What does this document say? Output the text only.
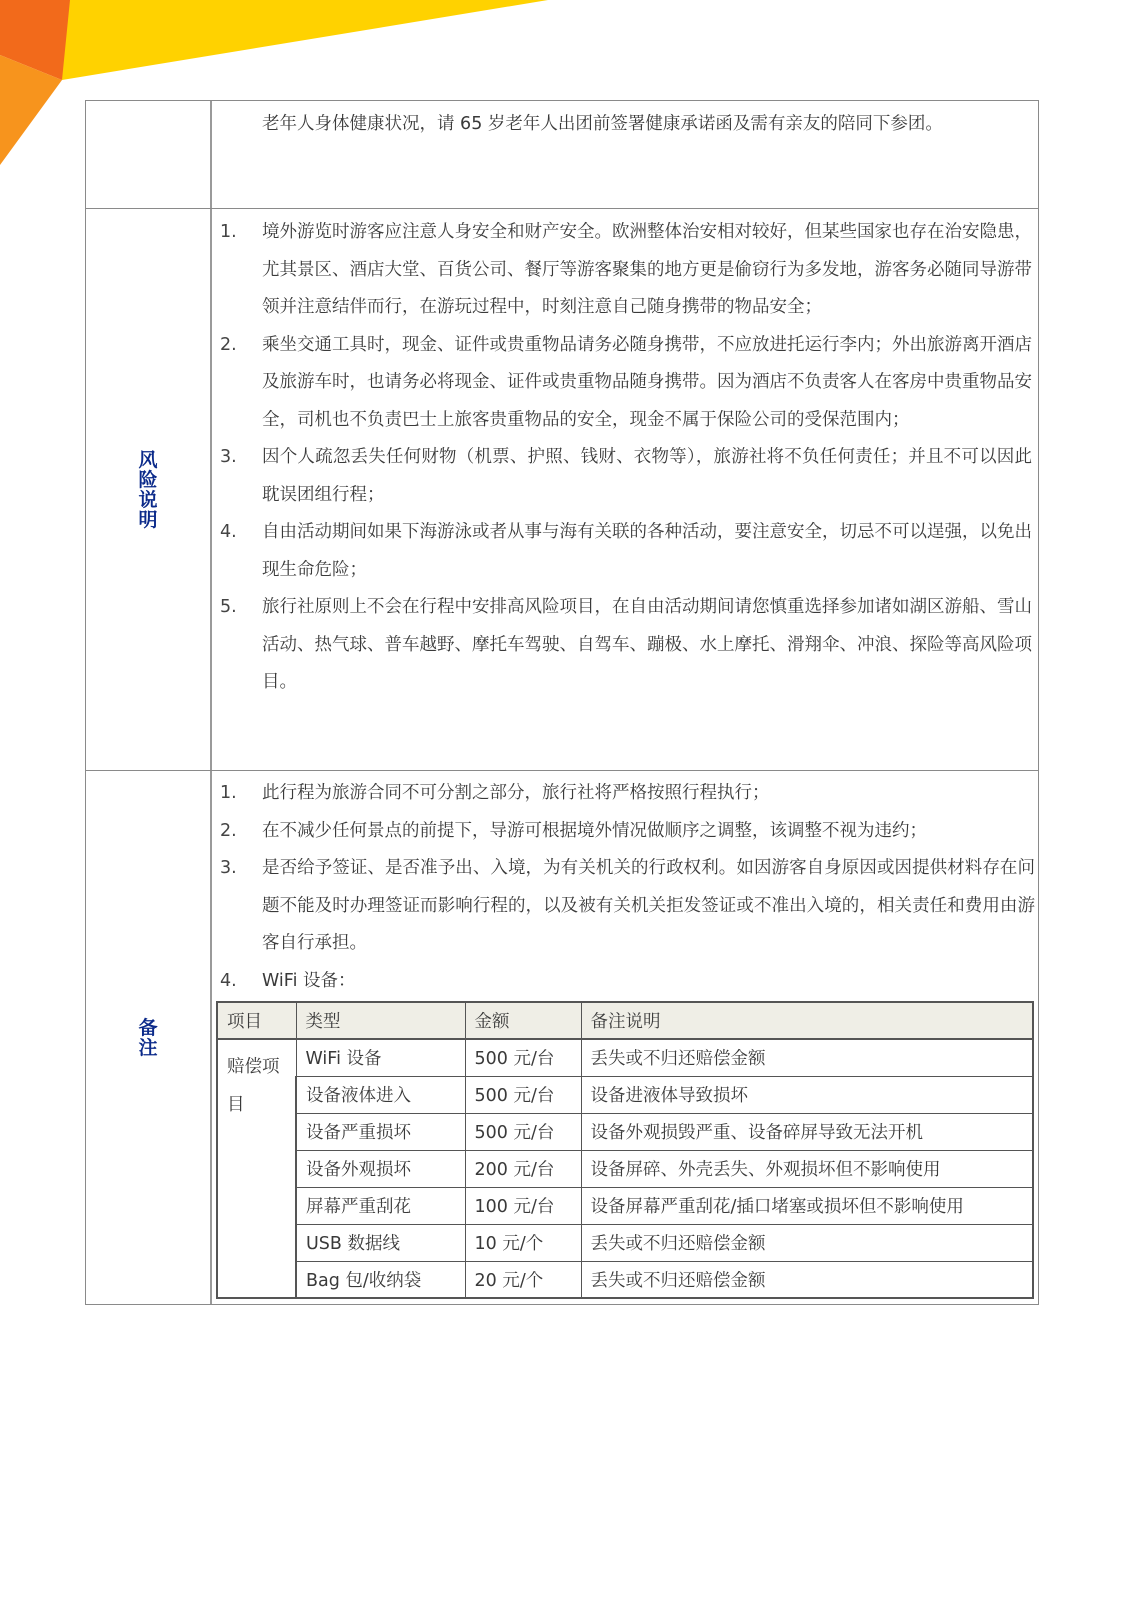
老年人身体健康状况，请 65 岁老年人出团前签署健康承诺函及需有亲友的陪同下参团。

风险说明
1.	境外游览时游客应注意人身安全和财产安全。欧洲整体治安相对较好，但某些国家也存在治安隐患，尤其景区、酒店大堂、百货公司、餐厅等游客聚集的地方更是偷窃行为多发地，游客务必随同导游带领并注意结伴而行，在游玩过程中，时刻注意自己随身携带的物品安全；
2.	乘坐交通工具时，现金、证件或贵重物品请务必随身携带，不应放进托运行李内；外出旅游离开酒店及旅游车时，也请务必将现金、证件或贵重物品随身携带。因为酒店不负责客人在客房中贵重物品安全，司机也不负责巴士上旅客贵重物品的安全，现金不属于保险公司的受保范围内；
3.	因个人疏忽丢失任何财物（机票、护照、钱财、衣物等），旅游社将不负任何责任；并且不可以因此耽误团组行程；
4.	自由活动期间如果下海游泳或者从事与海有关联的各种活动，要注意安全，切忌不可以逞强，以免出现生命危险；
5.	旅行社原则上不会在行程中安排高风险项目，在自由活动期间请您慎重选择参加诸如湖区游船、雪山活动、热气球、普车越野、摩托车驾驶、自驾车、蹦极、水上摩托、滑翔伞、冲浪、探险等高风险项目。
备注
1.	此行程为旅游合同不可分割之部分，旅行社将严格按照行程执行；
2.	在不减少任何景点的前提下，导游可根据境外情况做顺序之调整，该调整不视为违约；
3.	是否给予签证、是否准予出、入境，为有关机关的行政权利。如因游客自身原因或因提供材料存在问题不能及时办理签证而影响行程的，以及被有关机关拒发签证或不准出入境的，相关责任和费用由游客自行承担。
4.	WiFi 设备：
项目	类型	金额	备注说明
赔偿项目	WiFi 设备	500 元/台	丢失或不归还赔偿金额
	设备液体进入	500 元/台	设备进液体导致损坏
	设备严重损坏	500 元/台	设备外观损毁严重、设备碎屏导致无法开机
	设备外观损坏	200 元/台	设备屏碎、外壳丢失、外观损坏但不影响使用
	屏幕严重刮花	100 元/台	设备屏幕严重刮花/插口堵塞或损坏但不影响使用
	USB 数据线	10 元/个	丢失或不归还赔偿金额
	Bag 包/收纳袋	20 元/个	丢失或不归还赔偿金额
